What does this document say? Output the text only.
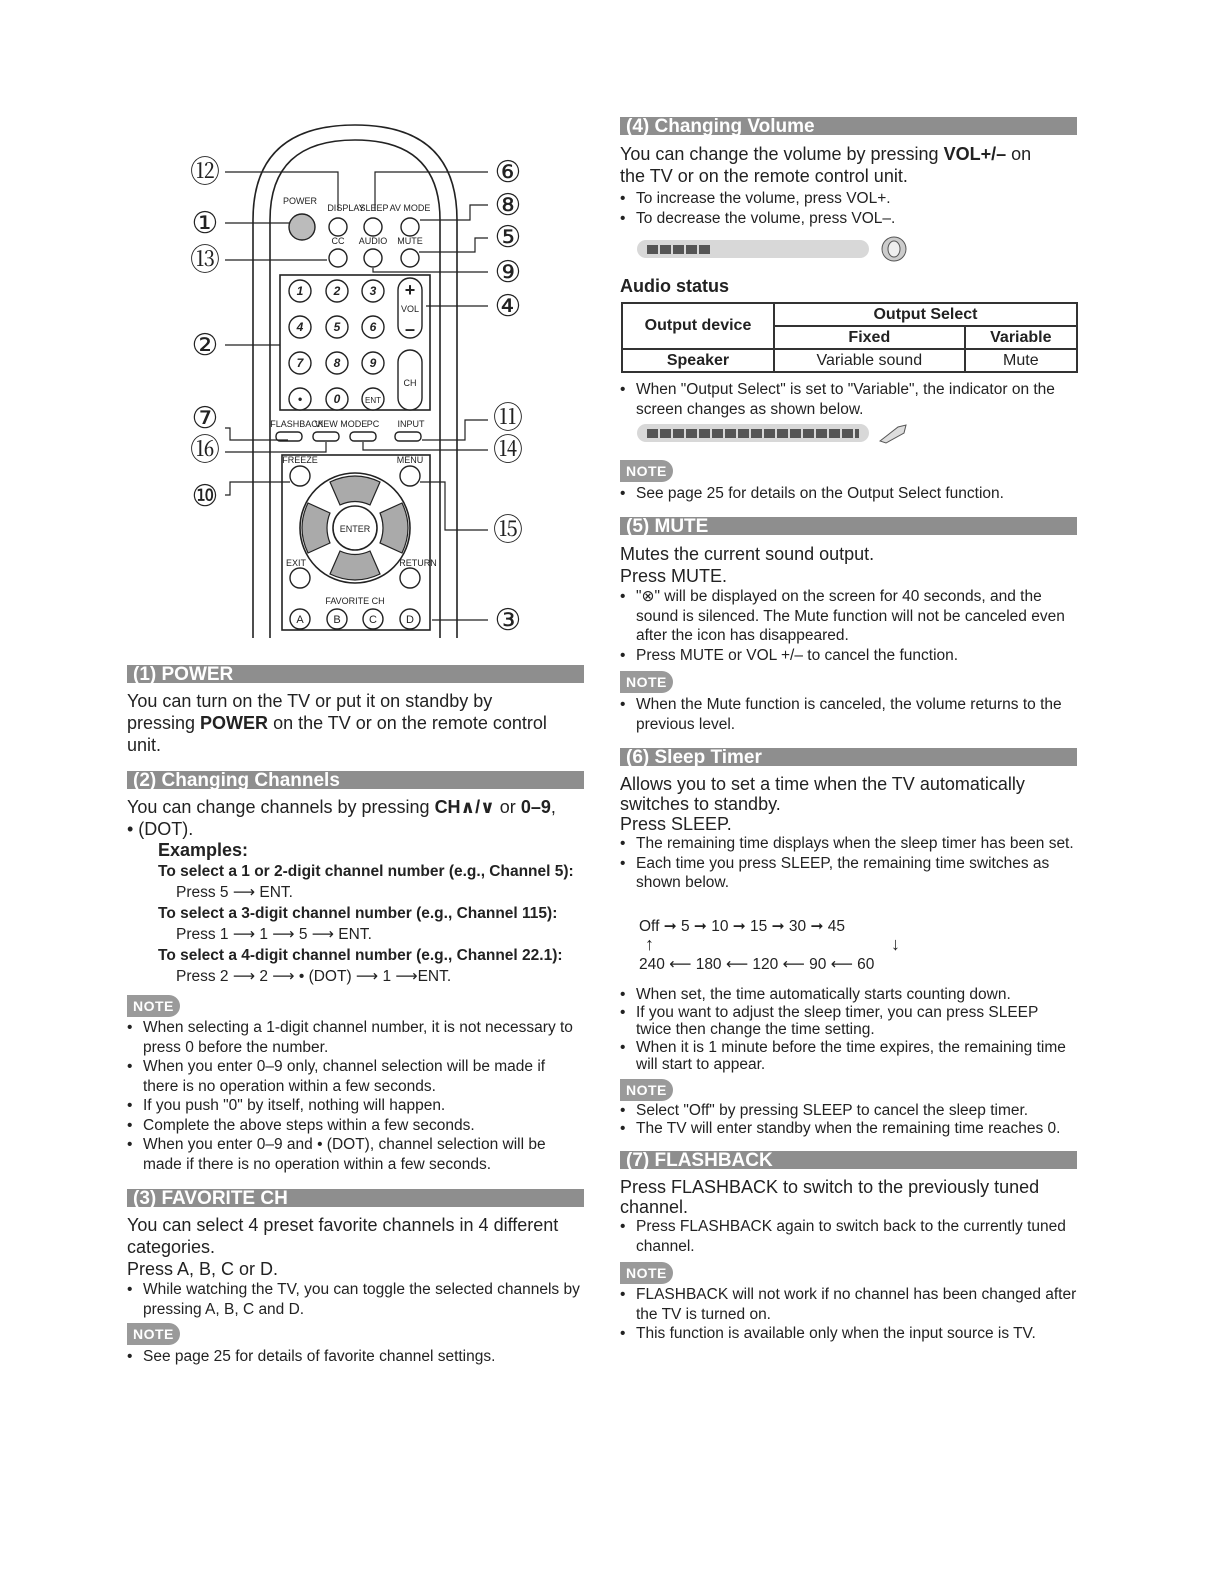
POWER
DISPLAY
SLEEP AV MODE
CC AUDIO MUTE
VOL
CH
FLASHBACK
VIEW MODE PC INPUT
FREEZE	MENU
ENTER
EXIT	RETURN
FAVORITE CH
1	2 3
4	5 6
7	8 9
•	0
+
–
A	B	C	D
ENT
⑫
①
⑬
②
⑦
⑯
⑩
⑥
⑧
⑤
⑨
④
⑪
⑭
⑮
③
(1) POWER
You can turn on the TV or put it on standby by
pressing POWER on the TV or on the remote control
unit.
(2) Changing Channels
You can change channels by pressing CH∧/∨ or 0–9,
• (DOT).
Examples:
To select a 1 or 2-digit channel number (e.g., Channel 5):
Press 5 ⟶ ENT.
To select a 3-digit channel number (e.g., Channel 115):
Press 1 ⟶ 1 ⟶ 5 ⟶ ENT.
To select a 4-digit channel number (e.g., Channel 22.1):
Press 2 ⟶ 2 ⟶ • (DOT) ⟶ 1 ⟶ENT.
NOTE
• When selecting a 1-digit channel number, it is not necessary to press 0 before the number.
• When you enter 0–9 only, channel selection will be made if there is no operation within a few seconds.
• If you push "0" by itself, nothing will happen.
• Complete the above steps within a few seconds.
• When you enter 0–9 and • (DOT), channel selection will be made if there is no operation within a few seconds.
(3) FAVORITE CH
You can select 4 preset favorite channels in 4 different
categories.
Press A, B, C or D.
• While watching the TV, you can toggle the selected channels by pressing A, B, C and D.
NOTE
• See page 25 for details of favorite channel settings.
(4) Changing Volume
You can change the volume by pressing VOL+/– on
the TV or on the remote control unit.
• To increase the volume, press VOL+.
• To decrease the volume, press VOL–.
Audio status
Output device	Output Select	
	Fixed	Variable
Speaker	Variable sound	Mute
• When "Output Select" is set to "Variable", the indicator on the screen changes as shown below.
NOTE
• See page 25 for details on the Output Select function.
(5) MUTE
Mutes the current sound output.
Press MUTE.
• "⊗" will be displayed on the screen for 40 seconds, and the sound is silenced. The Mute function will not be canceled even after the icon has disappeared.
• Press MUTE or VOL +/– to cancel the function.
NOTE
• When the Mute function is canceled, the volume returns to the previous level.
(6) Sleep Timer
Allows you to set a time when the TV automatically
switches to standby.
Press SLEEP.
• The remaining time displays when the sleep timer has been set.
• Each time you press SLEEP, the remaining time switches as shown below.
Off ➞ 5 ➞ 10 ➞ 15 ➞ 30 ➞ 45
↑	↓
240 ⟵ 180 ⟵ 120 ⟵ 90 ⟵ 60
• When set, the time automatically starts counting down.
• If you want to adjust the sleep timer, you can press SLEEP twice then change the time setting.
• When it is 1 minute before the time expires, the remaining time will start to appear.
NOTE
• Select "Off" by pressing SLEEP to cancel the sleep timer.
• The TV will enter standby when the remaining time reaches 0.
(7) FLASHBACK
Press FLASHBACK to switch to the previously tuned
channel.
• Press FLASHBACK again to switch back to the currently tuned channel.
NOTE
• FLASHBACK will not work if no channel has been changed after the TV is turned on.
• This function is available only when the input source is TV.
